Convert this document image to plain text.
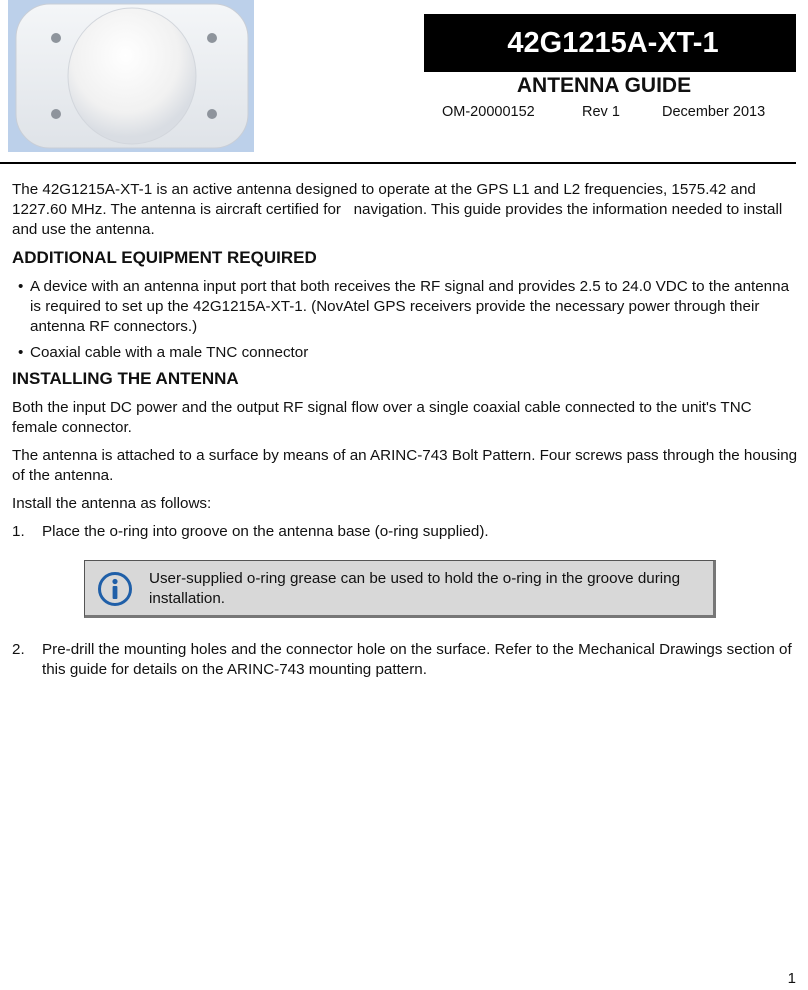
42G1215A-XT-1
ANTENNA GUIDE
OM-20000152	Rev 1	December 2013

The 42G1215A-XT-1 is an active antenna designed to operate at the GPS L1 and L2 frequencies, 1575.42 and 1227.60 MHz. The antenna is aircraft certified for   navigation. This guide provides the information needed to install and use the antenna.

ADDITIONAL EQUIPMENT REQUIRED
• A device with an antenna input port that both receives the RF signal and provides 2.5 to 24.0 VDC to the antenna is required to set up the 42G1215A-XT-1. (NovAtel GPS receivers provide the necessary power through their antenna RF connectors.)
• Coaxial cable with a male TNC connector
INSTALLING THE ANTENNA

Both the input DC power and the output RF signal flow over a single coaxial cable connected to the unit's TNC female connector.

The antenna is attached to a surface by means of an ARINC-743 Bolt Pattern. Four screws pass through the housing of the antenna.

Install the antenna as follows:

1. Place the o-ring into groove on the antenna base (o-ring supplied).
User-supplied o-ring grease can be used to hold the o-ring in the groove during installation.
2. Pre-drill the mounting holes and the connector hole on the surface. Refer to the Mechanical Drawings section of this guide for details on the ARINC-743 mounting pattern.
1
